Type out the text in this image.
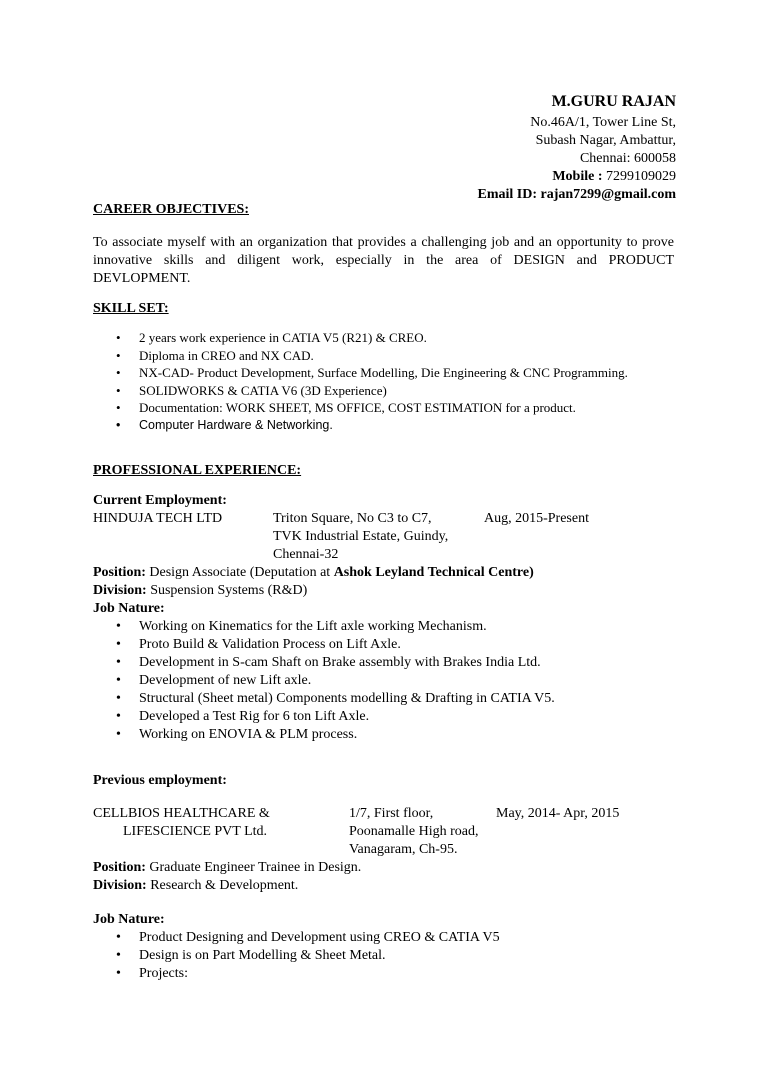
M.GURU RAJAN
No.46A/1, Tower Line St,
Subash Nagar, Ambattur,
Chennai: 600058
Mobile : 7299109029
Email ID: rajan7299@gmail.com
CAREER OBJECTIVES:
To associate myself with an organization that provides a challenging job and an opportunity to prove innovative skills and diligent work, especially in the area of DESIGN and PRODUCT DEVLOPMENT.
SKILL SET:
• 2 years work experience in CATIA V5 (R21) & CREO.
• Diploma in CREO and NX CAD.
• NX-CAD- Product Development, Surface Modelling, Die Engineering & CNC Programming.
• SOLIDWORKS & CATIA V6 (3D Experience)
• Documentation: WORK SHEET, MS OFFICE, COST ESTIMATION for a product.
• Computer Hardware & Networking.
PROFESSIONAL EXPERIENCE:
Current Employment:
HINDUJA TECH LTD	Triton Square, No C3 to C7,
TVK Industrial Estate, Guindy,
Chennai-32
Aug, 2015-Present
Position: Design Associate (Deputation at Ashok Leyland Technical Centre)
Division: Suspension Systems (R&D)
Job Nature:
• Working on Kinematics for the Lift axle working Mechanism.
• Proto Build & Validation Process on Lift Axle.
• Development in S-cam Shaft on Brake assembly with Brakes India Ltd.
• Development of new Lift axle.
• Structural (Sheet metal) Components modelling & Drafting in CATIA V5.
• Developed a Test Rig for 6 ton Lift Axle.
• Working on ENOVIA & PLM process.
Previous employment:
CELLBIOS HEALTHCARE &
LIFESCIENCE PVT Ltd.
1/7, First floor,
Poonamalle High road,
Vanagaram, Ch-95.
May, 2014- Apr, 2015
Position: Graduate Engineer Trainee in Design.
Division: Research & Development.
Job Nature:
• Product Designing and Development using CREO & CATIA V5
• Design is on Part Modelling & Sheet Metal.
• Projects:
